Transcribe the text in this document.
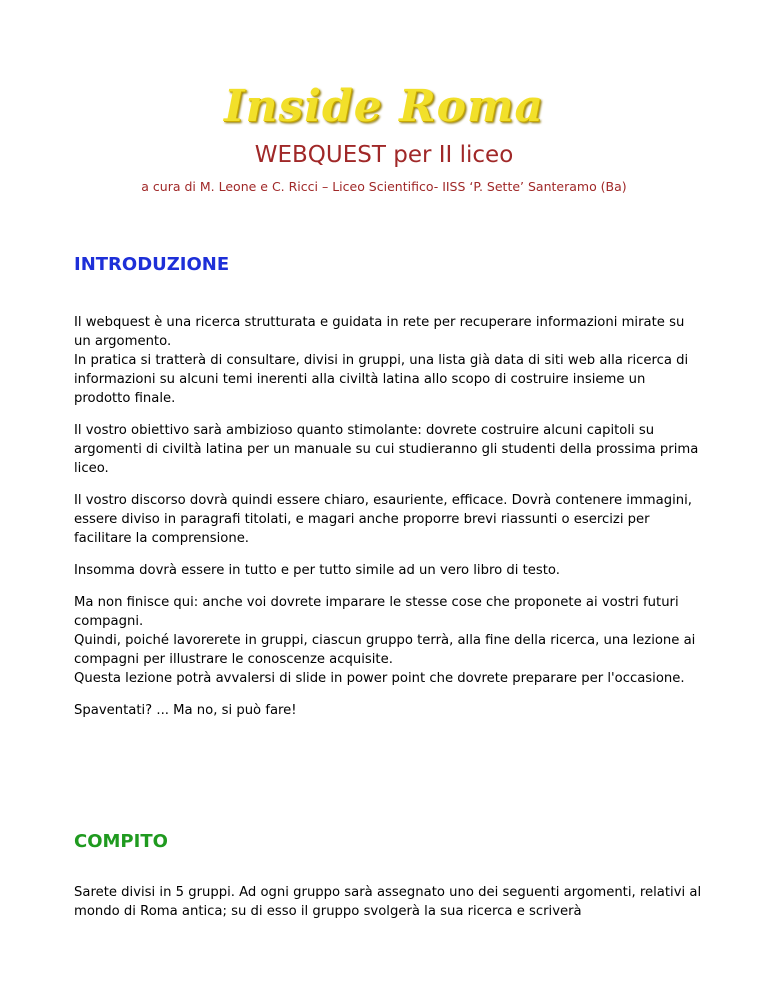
Inside Roma
WEBQUEST per II liceo
a cura di M. Leone e C. Ricci – Liceo Scientifico- IISS ‘P. Sette’ Santeramo (Ba)
INTRODUZIONE

Il webquest è una ricerca strutturata e guidata in rete per recuperare informazioni mirate su un argomento.
In pratica si tratterà di consultare, divisi in gruppi, una lista già data di siti web alla ricerca di informazioni su alcuni temi inerenti alla civiltà latina allo scopo di costruire insieme un prodotto finale.

Il vostro obiettivo sarà ambizioso quanto stimolante: dovrete costruire alcuni capitoli su argomenti di civiltà latina per un manuale su cui studieranno gli studenti della prossima prima liceo.

Il vostro discorso dovrà quindi essere chiaro, esauriente, efficace. Dovrà contenere immagini, essere diviso in paragrafi titolati, e magari anche proporre brevi riassunti o esercizi per facilitare la comprensione.

Insomma dovrà essere in tutto e per tutto simile ad un vero libro di testo.

Ma non finisce qui: anche voi dovrete imparare le stesse cose che proponete ai vostri futuri compagni.
Quindi, poiché lavorerete in gruppi, ciascun gruppo terrà, alla fine della ricerca, una lezione ai compagni per illustrare le conoscenze acquisite.
Questa lezione potrà avvalersi di slide in power point che dovrete preparare per l'occasione.

Spaventati? ... Ma no, si può fare!

COMPITO

Sarete divisi in 5 gruppi. Ad ogni gruppo sarà assegnato uno dei seguenti argomenti, relativi al mondo di Roma antica; su di esso il gruppo svolgerà la sua ricerca e scriverà
